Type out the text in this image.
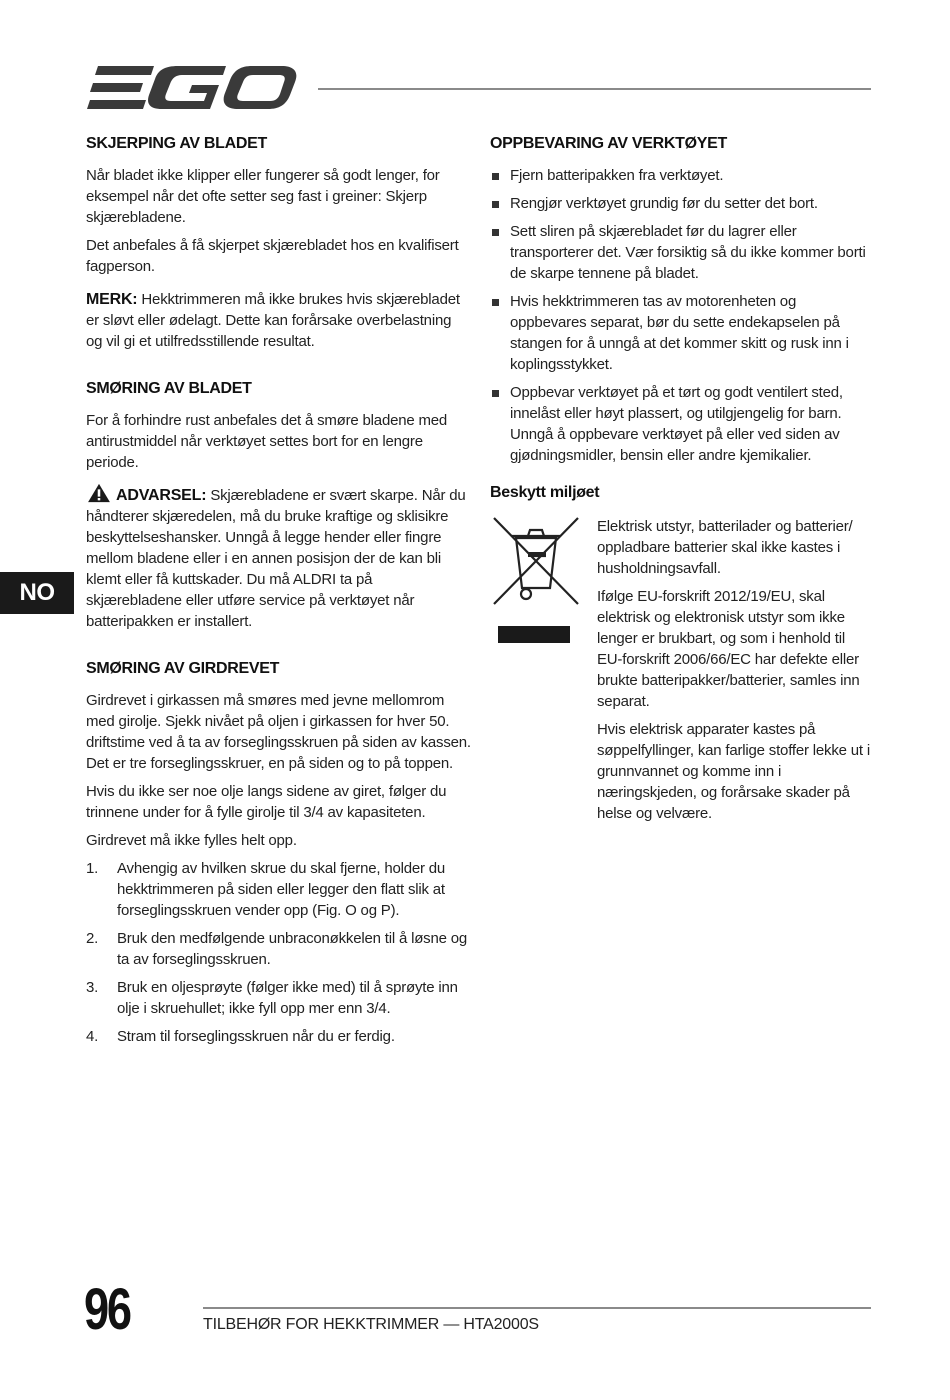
SKJERPING AV BLADET

Når bladet ikke klipper eller fungerer så godt lenger, for eksempel når det ofte setter seg fast i greiner: Skjerp skjærebladene.

Det anbefales å få skjerpet skjærebladet hos en kvalifisert fagperson.

MERK: Hekktrimmeren må ikke brukes hvis skjærebladet er sløvt eller ødelagt. Dette kan forårsake overbelastning og vil gi et utilfredsstillende resultat.

SMØRING AV BLADET

For å forhindre rust anbefales det å smøre bladene med antirustmiddel når verktøyet settes bort for en lengre periode.

ADVARSEL: Skjærebladene er svært skarpe. Når du håndterer skjæredelen, må du bruke kraftige og sklisikre beskyttelseshansker. Unngå å legge hender eller fingre mellom bladene eller i en annen posisjon der de kan bli klemt eller få kuttskader. Du må ALDRI ta på skjærebladene eller utføre service på verktøyet når batteripakken er installert.

SMØRING AV GIRDREVET

Girdrevet i girkassen må smøres med jevne mellomrom med girolje. Sjekk nivået på oljen i girkassen for hver 50. driftstime ved å ta av forseglingsskruen på siden av kassen. Det er tre forseglingsskruer, en på siden og to på toppen.

Hvis du ikke ser noe olje langs sidene av giret, følger du trinnene under for å fylle girolje til 3/4 av kapasiteten.

Girdrevet må ikke fylles helt opp.

1. Avhengig av hvilken skrue du skal fjerne, holder du hekktrimmeren på siden eller legger den flatt slik at forseglingsskruen vender opp (Fig. O og P).
2. Bruk den medfølgende unbraconøkkelen til å løsne og ta av forseglingsskruen.
3. Bruk en oljesprøyte (følger ikke med) til å sprøyte inn olje i skruehullet; ikke fyll opp mer enn 3/4.
4. Stram til forseglingsskruen når du er ferdig.
OPPBEVARING AV VERKTØYET
Fjern batteripakken fra verktøyet.
Rengjør verktøyet grundig før du setter det bort.
Sett sliren på skjærebladet før du lagrer eller transporterer det. Vær forsiktig så du ikke kommer borti de skarpe tennene på bladet.
Hvis hekktrimmeren tas av motorenheten og oppbevares separat, bør du sette endekapselen på stangen for å unngå at det kommer skitt og rusk inn i koplingsstykket.
Oppbevar verktøyet på et tørt og godt ventilert sted, innelåst eller høyt plassert, og utilgjengelig for barn. Unngå å oppbevare verktøyet på eller ved siden av gjødningsmidler, bensin eller andre kjemikalier.
Beskytt miljøet

Elektrisk utstyr, batterilader og batterier/ oppladbare batterier skal ikke kastes i husholdningsavfall.

Ifølge EU-forskrift 2012/19/EU, skal elektrisk og elektronisk utstyr som ikke lenger er brukbart, og som i henhold til EU-forskrift 2006/66/EC har defekte eller brukte batteripakker/batterier, samles inn separat.

Hvis elektrisk apparater kastes på søppelfyllinger, kan farlige stoffer lekke ut i grunnvannet og komme inn i næringskjeden, og forårsake skader på helse og velvære.

NO
96	TILBEHØR FOR HEKKTRIMMER — HTA2000S
